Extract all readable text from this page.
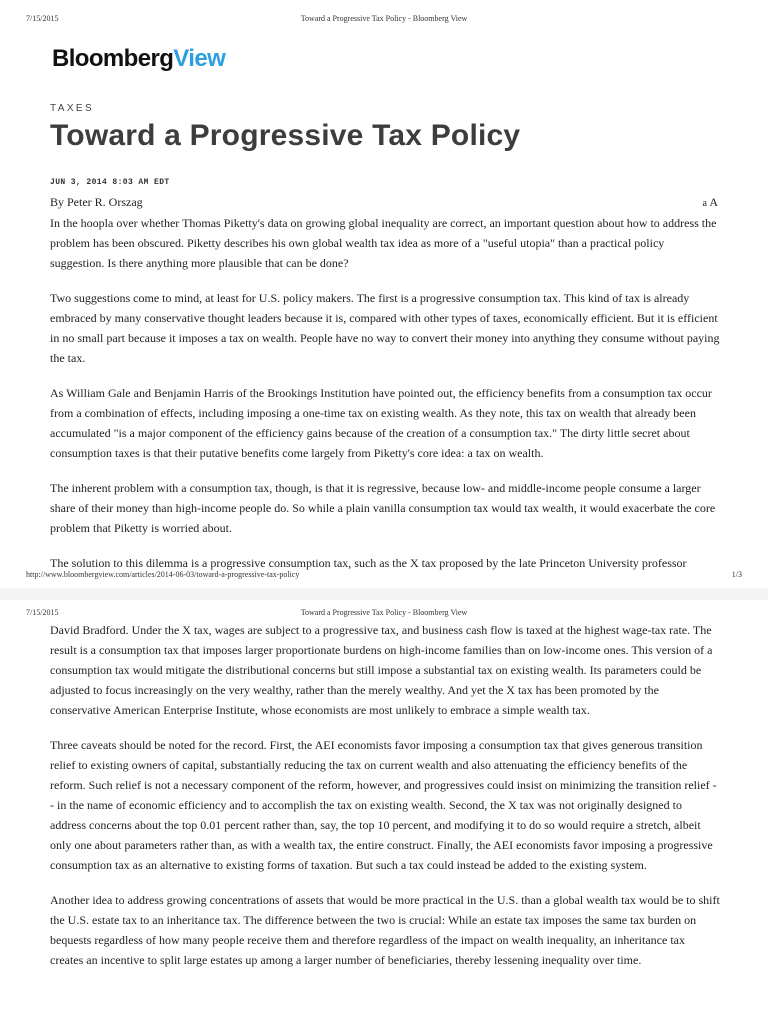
7/15/2015	Toward a Progressive Tax Policy - Bloomberg View
BloombergView
TAXES
Toward a Progressive Tax Policy
JUN 3, 2014 8:03 AM EDT
By Peter R. Orszag	a A

In the hoopla over whether Thomas Piketty's data on growing global inequality are correct, an important question about how to address the problem has been obscured. Piketty describes his own global wealth tax idea as more of a "useful utopia" than a practical policy suggestion. Is there anything more plausible that can be done?

Two suggestions come to mind, at least for U.S. policy makers. The first is a progressive consumption tax. This kind of tax is already embraced by many conservative thought leaders because it is, compared with other types of taxes, economically efficient. But it is efficient in no small part because it imposes a tax on wealth. People have no way to convert their money into anything they consume without paying the tax.

As William Gale and Benjamin Harris of the Brookings Institution have pointed out, the efficiency benefits from a consumption tax occur from a combination of effects, including imposing a one-time tax on existing wealth. As they note, this tax on wealth that already been accumulated "is a major component of the efficiency gains because of the creation of a consumption tax." The dirty little secret about consumption taxes is that their putative benefits come largely from Piketty's core idea: a tax on wealth.

The inherent problem with a consumption tax, though, is that it is regressive, because low- and middle-income people consume a larger share of their money than high-income people do. So while a plain vanilla consumption tax would tax wealth, it would exacerbate the core problem that Piketty is worried about.

The solution to this dilemma is a progressive consumption tax, such as the X tax proposed by the late Princeton University professor

http://www.bloombergview.com/articles/2014-06-03/toward-a-progressive-tax-policy	1/3
7/15/2015	Toward a Progressive Tax Policy - Bloomberg View

David Bradford. Under the X tax, wages are subject to a progressive tax, and business cash flow is taxed at the highest wage-tax rate. The result is a consumption tax that imposes larger proportionate burdens on high-income families than on low-income ones. This version of a consumption tax would mitigate the distributional concerns but still impose a substantial tax on existing wealth. Its parameters could be adjusted to focus increasingly on the very wealthy, rather than the merely wealthy. And yet the X tax has been promoted by the conservative American Enterprise Institute, whose economists are most unlikely to embrace a simple wealth tax.

Three caveats should be noted for the record. First, the AEI economists favor imposing a consumption tax that gives generous transition relief to existing owners of capital, substantially reducing the tax on current wealth and also attenuating the efficiency benefits of the reform. Such relief is not a necessary component of the reform, however, and progressives could insist on minimizing the transition relief -- in the name of economic efficiency and to accomplish the tax on existing wealth. Second, the X tax was not originally designed to address concerns about the top 0.01 percent rather than, say, the top 10 percent, and modifying it to do so would require a stretch, albeit only one about parameters rather than, as with a wealth tax, the entire construct. Finally, the AEI economists favor imposing a progressive consumption tax as an alternative to existing forms of taxation. But such a tax could instead be added to the existing system.

Another idea to address growing concentrations of assets that would be more practical in the U.S. than a global wealth tax would be to shift the U.S. estate tax to an inheritance tax. The difference between the two is crucial: While an estate tax imposes the same tax burden on bequests regardless of how many people receive them and therefore regardless of the impact on wealth inequality, an inheritance tax creates an incentive to split large estates up among a larger number of beneficiaries, thereby lessening inequality over time.
